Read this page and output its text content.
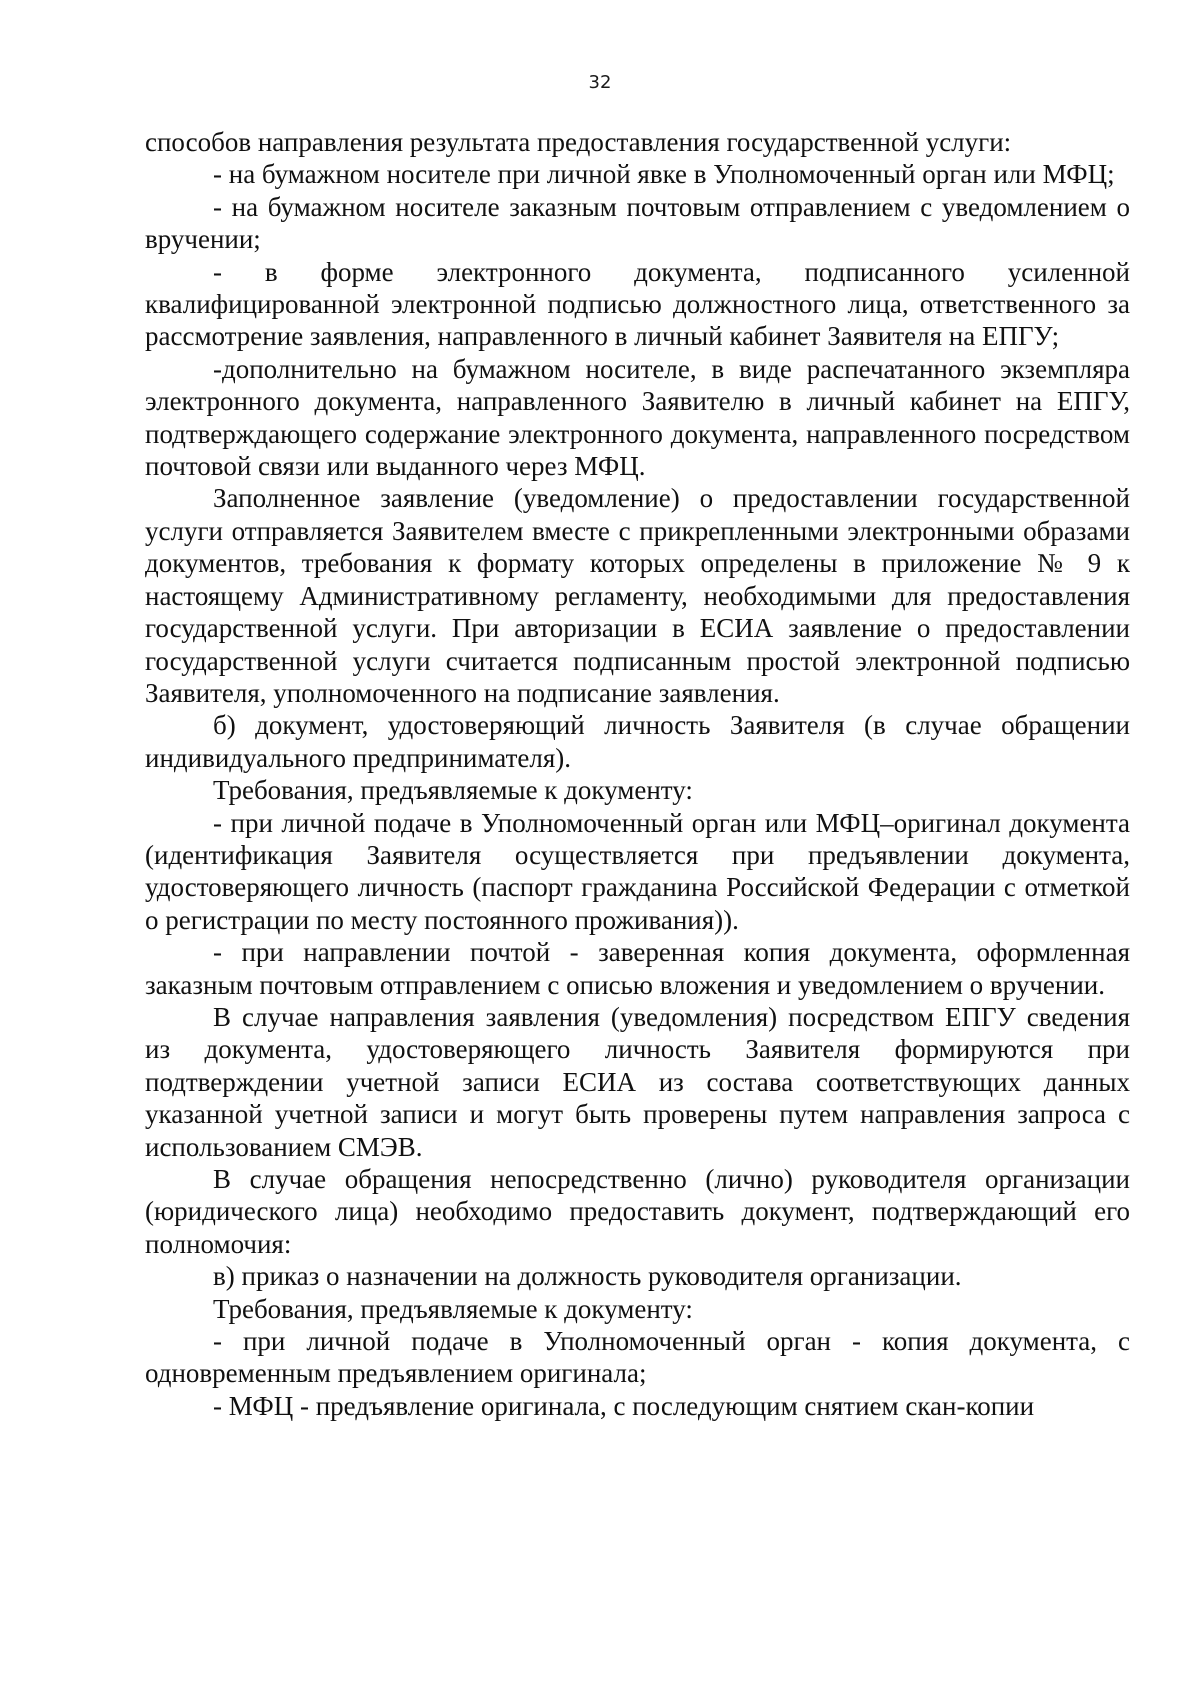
32

способов направления результата предоставления государственной услуги:

- на бумажном носителе при личной явке в Уполномоченный орган или МФЦ;

- на бумажном носителе заказным почтовым отправлением с уведомлением о вручении;

- в форме электронного документа, подписанного усиленной квалифицированной электронной подписью должностного лица, ответственного за рассмотрение заявления, направленного в личный кабинет Заявителя на ЕПГУ;

-дополнительно на бумажном носителе, в виде распечатанного экземпляра электронного документа, направленного Заявителю в личный кабинет на ЕПГУ, подтверждающего содержание электронного документа, направленного посредством почтовой связи или выданного через МФЦ.

Заполненное заявление (уведомление) о предоставлении государственной услуги отправляется Заявителем вместе с прикрепленными электронными образами документов, требования к формату которых определены в приложение № 9 к настоящему Административному регламенту, необходимыми для предоставления государственной услуги. При авторизации в ЕСИА заявление о предоставлении государственной услуги считается подписанным простой электронной подписью Заявителя, уполномоченного на подписание заявления.

б) документ, удостоверяющий личность Заявителя (в случае обращении индивидуального предпринимателя).

Требования, предъявляемые к документу:

- при личной подаче в Уполномоченный орган или МФЦ–оригинал документа (идентификация Заявителя осуществляется при предъявлении документа, удостоверяющего личность (паспорт гражданина Российской Федерации с отметкой о регистрации по месту постоянного проживания)).

- при направлении почтой - заверенная копия документа, оформленная заказным почтовым отправлением с описью вложения и уведомлением о вручении.

В случае направления заявления (уведомления) посредством ЕПГУ сведения из документа, удостоверяющего личность Заявителя формируются при подтверждении учетной записи ЕСИА из состава соответствующих данных указанной учетной записи и могут быть проверены путем направления запроса с использованием СМЭВ.

В случае обращения непосредственно (лично) руководителя организации (юридического лица) необходимо предоставить документ, подтверждающий его полномочия:

в) приказ о назначении на должность руководителя организации.

Требования, предъявляемые к документу:

- при личной подаче в Уполномоченный орган - копия документа, с одновременным предъявлением оригинала;

- МФЦ - предъявление оригинала, с последующим снятием скан-копии
